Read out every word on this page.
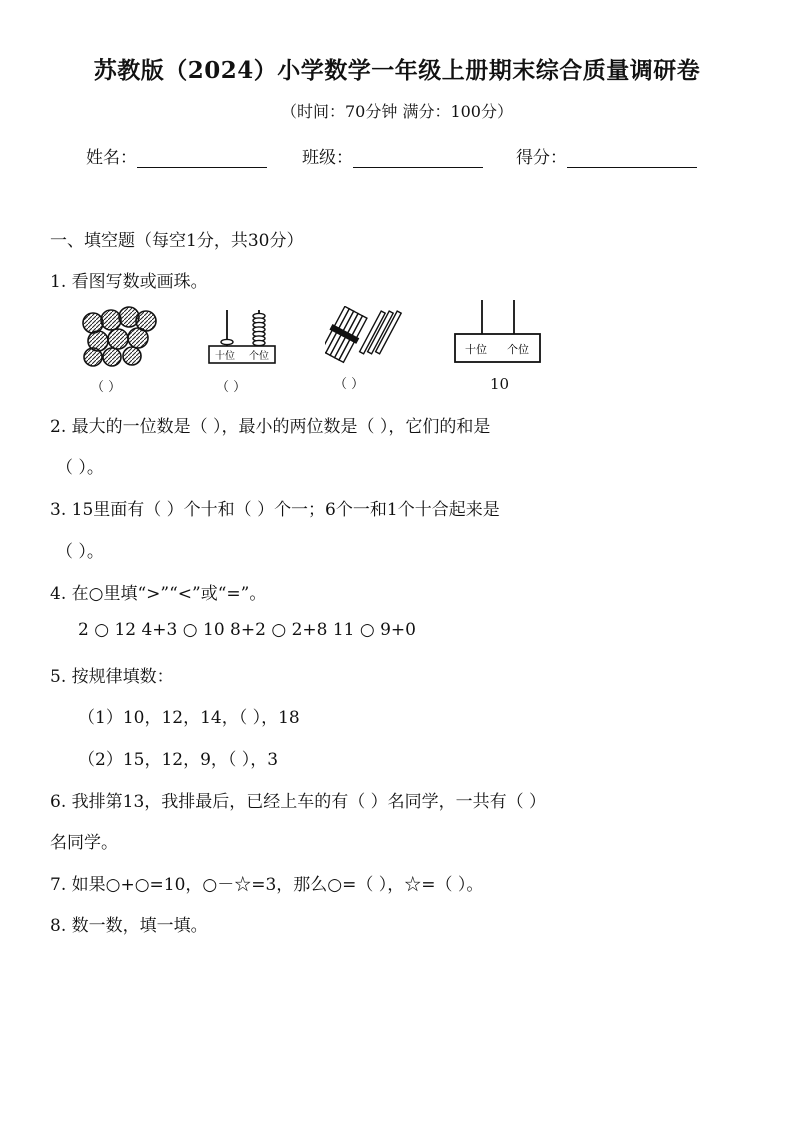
苏教版（2024）小学数学一年级上册期末综合质量调研卷
（时间：70分钟 满分：100分）
姓名：	班级：	得分：
一、填空题（每空1分，共30分）
1. 看图写数或画珠。
（ ）
十位 个位
（ ）	（ ）
十位 个位
10
2. 最大的一位数是（ ），最小的两位数是（ ），它们的和是
（ ）。
3. 15里面有（ ）个十和（ ）个一；6个一和1个十合起来是
（ ）。
4. 在○里填“>”“<”或“=”。
2 ○ 12 4+3 ○ 10 8+2 ○ 2+8 11 ○ 9+0
5. 按规律填数：
（1）10，12，14，（ ），18
（2）15，12，9，（ ），3
6. 我排第13，我排最后，已经上车的有（ ）名同学，一共有（ ）
名同学。
7. 如果○+○=10，○－☆=3，那么○=（ ），☆=（ ）。
8. 数一数，填一填。
